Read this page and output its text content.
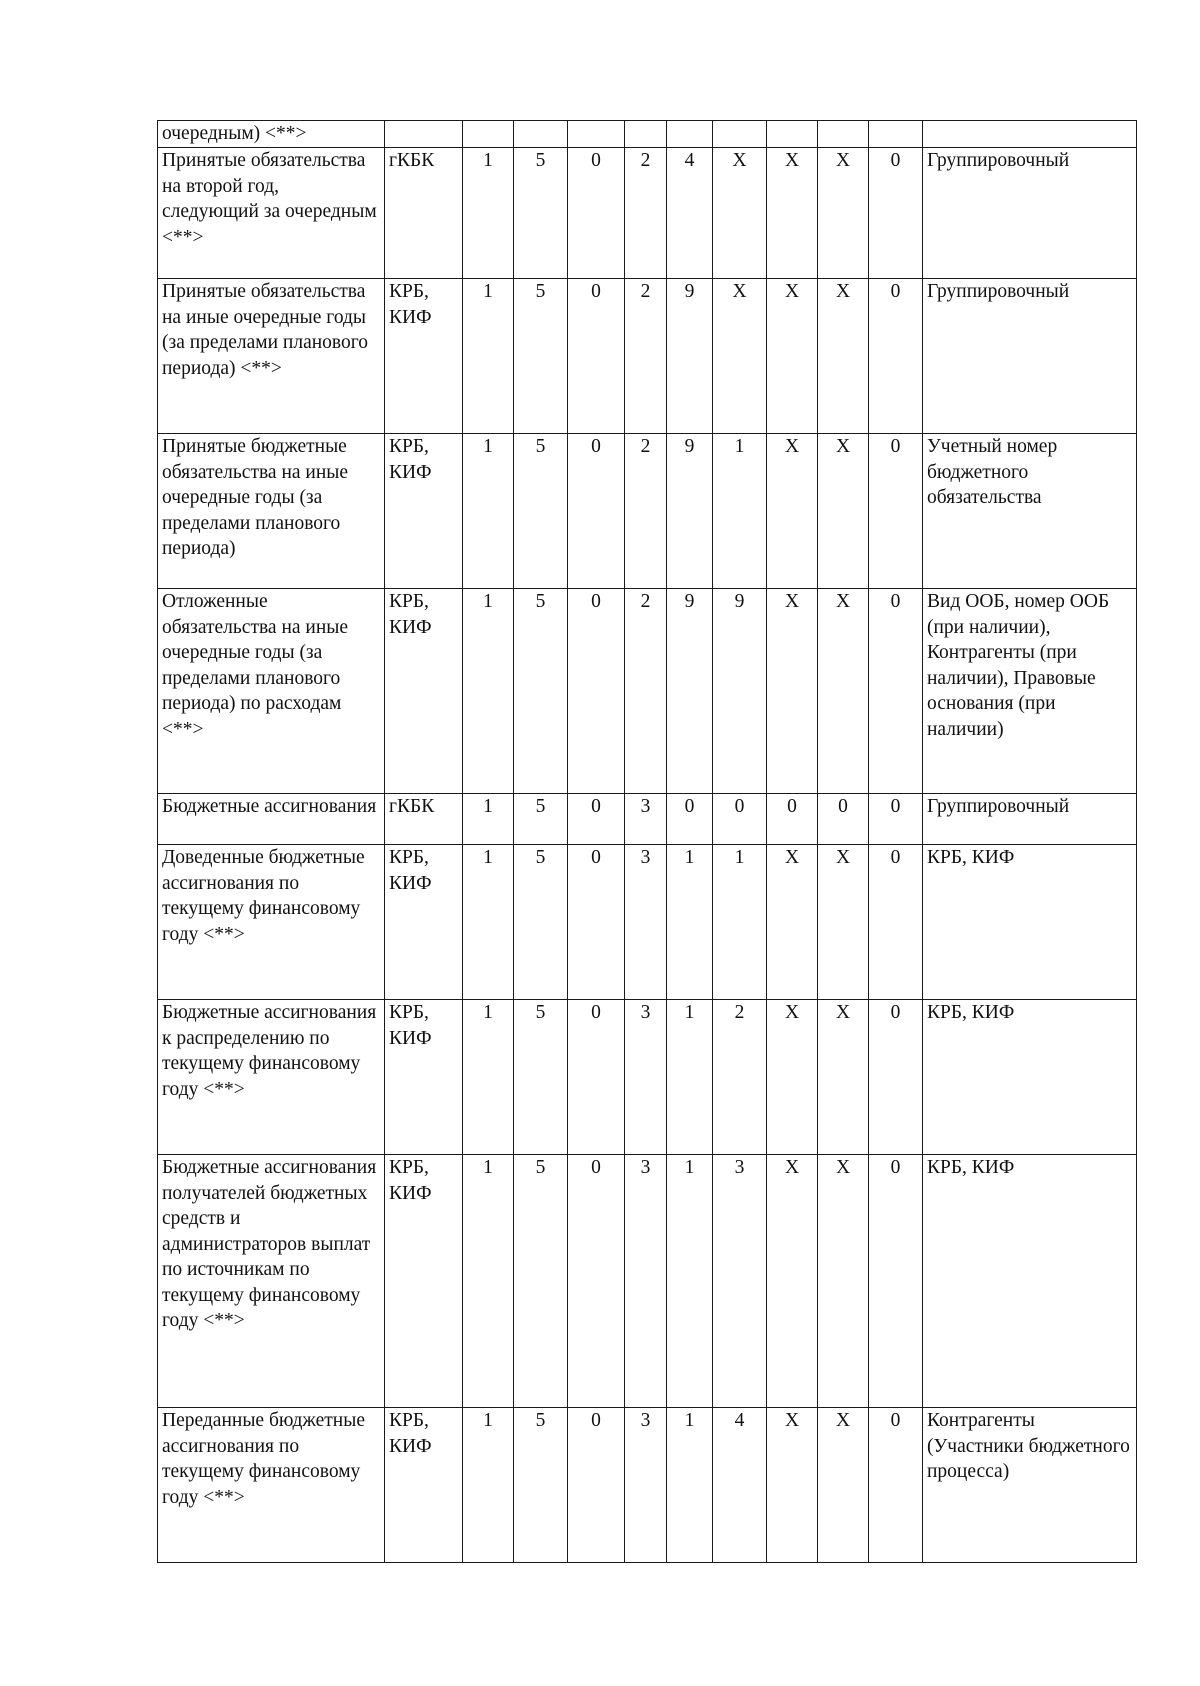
очередным) <**>											
Принятые обязательства на второй год, следующий за очередным <**>	гКБК	1	5	0	2	4	X	X	X	0	Группировочный
Принятые обязательства на иные очередные годы (за пределами планового периода) <**>	КРБ, КИФ	1	5	0	2	9	X	X	X	0	Группировочный
Принятые бюджетные обязательства на иные очередные годы (за пределами планового периода)	КРБ, КИФ	1	5	0	2	9	1	X	X	0	Учетный номер бюджетного обязательства
Отложенные обязательства на иные очередные годы (за пределами планового периода) по расходам <**>	КРБ, КИФ	1	5	0	2	9	9	X	X	0	Вид ООБ, номер ООБ (при наличии), Контрагенты (при наличии), Правовые основания (при наличии)
Бюджетные ассигнования	гКБК	1	5	0	3	0	0	0	0	0	Группировочный
Доведенные бюджетные ассигнования по текущему финансовому году <**>	КРБ, КИФ	1	5	0	3	1	1	X	X	0	КРБ, КИФ
Бюджетные ассигнования к распределению по текущему финансовому году <**>	КРБ, КИФ	1	5	0	3	1	2	X	X	0	КРБ, КИФ
Бюджетные ассигнования получателей бюджетных средств и администраторов выплат по источникам по текущему финансовому году <**>	КРБ, КИФ	1	5	0	3	1	3	X	X	0	КРБ, КИФ
Переданные бюджетные ассигнования по текущему финансовому году <**>	КРБ, КИФ	1	5	0	3	1	4	X	X	0	Контрагенты (Участники бюджетного процесса)
